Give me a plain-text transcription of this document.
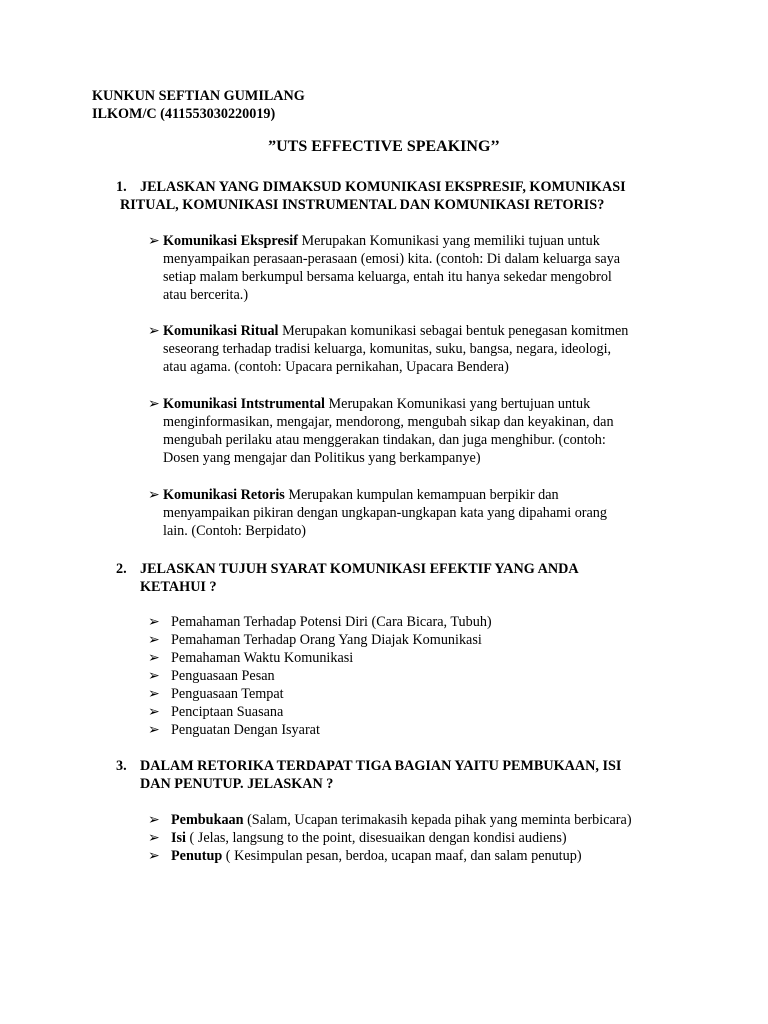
KUNKUN SEFTIAN GUMILANG
ILKOM/C (411553030220019)
”UTS EFFECTIVE SPEAKING’’
1. JELASKAN YANG DIMAKSUD KOMUNIKASI EKSPRESIF, KOMUNIKASI
RITUAL, KOMUNIKASI INSTRUMENTAL DAN KOMUNIKASI RETORIS?
➢ Komunikasi Ekspresif Merupakan Komunikasi yang memiliki tujuan untuk
menyampaikan perasaan-perasaan (emosi) kita. (contoh: Di dalam keluarga saya
setiap malam berkumpul bersama keluarga, entah itu hanya sekedar mengobrol
atau bercerita.)
➢ Komunikasi Ritual Merupakan komunikasi sebagai bentuk penegasan komitmen
seseorang terhadap tradisi keluarga, komunitas, suku, bangsa, negara, ideologi,
atau agama. (contoh: Upacara pernikahan, Upacara Bendera)
➢ Komunikasi Intstrumental Merupakan Komunikasi yang bertujuan untuk
menginformasikan, mengajar, mendorong, mengubah sikap dan keyakinan, dan
mengubah perilaku atau menggerakan tindakan, dan juga menghibur. (contoh:
Dosen yang mengajar dan Politikus yang berkampanye)
➢ Komunikasi Retoris Merupakan kumpulan kemampuan berpikir dan
menyampaikan pikiran dengan ungkapan-ungkapan kata yang dipahami orang
lain. (Contoh: Berpidato)
2. JELASKAN TUJUH SYARAT KOMUNIKASI EFEKTIF YANG ANDA
KETAHUI ?
➢ Pemahaman Terhadap Potensi Diri (Cara Bicara, Tubuh)
➢ Pemahaman Terhadap Orang Yang Diajak Komunikasi
➢ Pemahaman Waktu Komunikasi
➢ Penguasaan Pesan
➢ Penguasaan Tempat
➢ Penciptaan Suasana
➢ Penguatan Dengan Isyarat
3. DALAM RETORIKA TERDAPAT TIGA BAGIAN YAITU PEMBUKAAN, ISI
DAN PENUTUP. JELASKAN ?
➢ Pembukaan (Salam, Ucapan terimakasih kepada pihak yang meminta berbicara)
➢ Isi ( Jelas, langsung to the point, disesuaikan dengan kondisi audiens)
➢ Penutup ( Kesimpulan pesan, berdoa, ucapan maaf, dan salam penutup)
